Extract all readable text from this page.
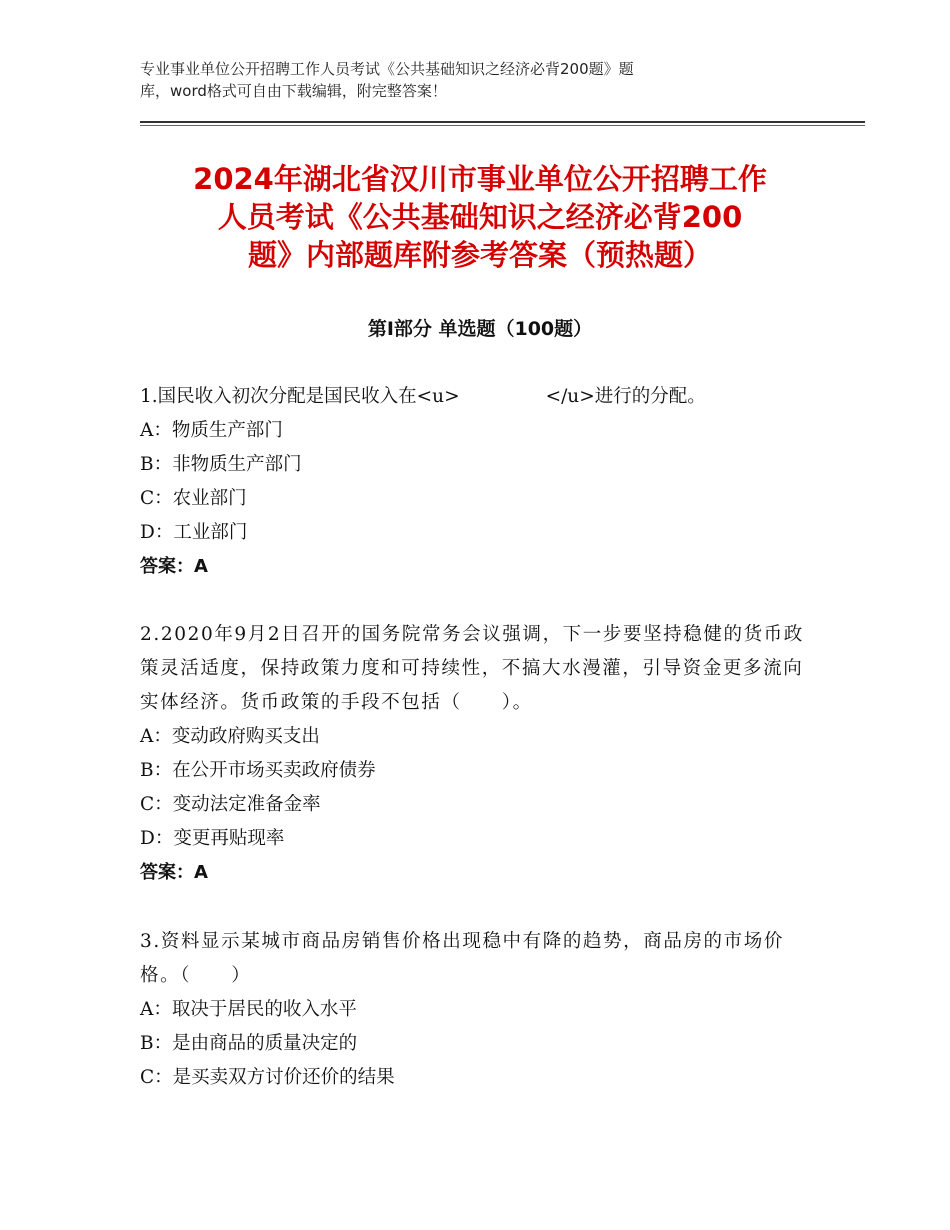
专业事业单位公开招聘工作人员考试《公共基础知识之经济必背200题》题
库，word格式可自由下载编辑，附完整答案！
2024年湖北省汉川市事业单位公开招聘工作
人员考试《公共基础知识之经济必背200
题》内部题库附参考答案（预热题）
第Ⅰ部分 单选题（100题）
1.国民收入初次分配是国民收入在<u>	</u>进行的分配。
A：物质生产部门
B：非物质生产部门
C：农业部门
D：工业部门
答案：A
2.2020年9月2日召开的国务院常务会议强调，下一步要坚持稳健的货币政策灵活适度，保持政策力度和可持续性，不搞大水漫灌，引导资金更多流向实体经济。货币政策的手段不包括（　　）。
A：变动政府购买支出
B：在公开市场买卖政府债券
C：变动法定准备金率
D：变更再贴现率
答案：A
3.资料显示某城市商品房销售价格出现稳中有降的趋势，商品房的市场价格。（　　）
A：取决于居民的收入水平
B：是由商品的质量决定的
C：是买卖双方讨价还价的结果
